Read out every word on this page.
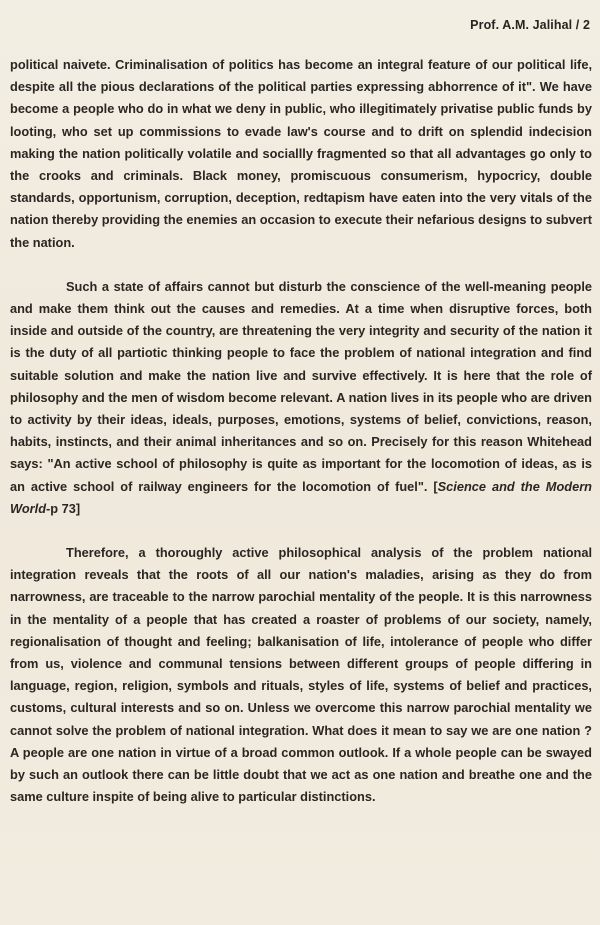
Prof. A.M. Jalihal / 2

political naivete. Criminalisation of politics has become an integral feature of our political life, despite all the pious declarations of the political parties expressing abhorrence of it". We have become a people who do in what we deny in public, who illegitimately privatise public funds by looting, who set up commissions to evade law's course and to drift on splendid indecision making the nation politically volatile and sociallly fragmented so that all advantages go only to the crooks and criminals. Black money, promiscuous consumerism, hypocricy, double standards, opportunism, corruption, deception, redtapism have eaten into the very vitals of the nation thereby providing the enemies an occasion to execute their nefarious designs to subvert the nation.

Such a state of affairs cannot but disturb the conscience of the well-meaning people and make them think out the causes and remedies. At a time when disruptive forces, both inside and outside of the country, are threatening the very integrity and security of the nation it is the duty of all partiotic thinking people to face the problem of national integration and find suitable solution and make the nation live and survive effectively. It is here that the role of philosophy and the men of wisdom become relevant. A nation lives in its people who are driven to activity by their ideas, ideals, purposes, emotions, systems of belief, convictions, reason, habits, instincts, and their animal inheritances and so on. Precisely for this reason Whitehead says: "An active school of philosophy is quite as important for the locomotion of ideas, as is an active school of railway engineers for the locomotion of fuel". [Science and the Modern World-p 73]

Therefore, a thoroughly active philosophical analysis of the problem national integration reveals that the roots of all our nation's maladies, arising as they do from narrowness, are traceable to the narrow parochial mentality of the people. It is this narrowness in the mentality of a people that has created a roaster of problems of our society, namely, regionalisation of thought and feeling; balkanisation of life, intolerance of people who differ from us, violence and communal tensions between different groups of people differing in language, region, religion, symbols and rituals, styles of life, systems of belief and practices, customs, cultural interests and so on. Unless we overcome this narrow parochial mentality we cannot solve the problem of national integration. What does it mean to say we are one nation ? A people are one nation in virtue of a broad common outlook. If a whole people can be swayed by such an outlook there can be little doubt that we act as one nation and breathe one and the same culture inspite of being alive to particular distinctions.
